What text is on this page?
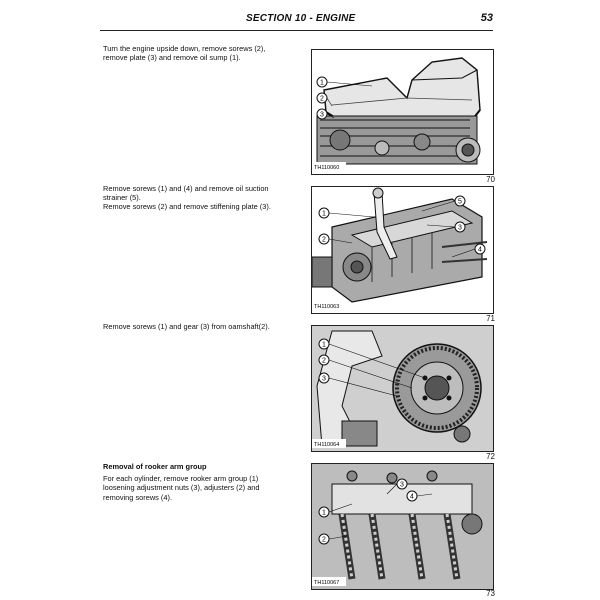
SECTION 10 - ENGINE	53

Turn the engine upside down, remove sorews (2),

remove plate (3) and remove oil sump (1).

1
2
3
TH110060
70

Remove sorews (1) and (4) and remove oil suction

strainer (5).

Remove sorews (2) and remove stiffening plate (3).

1
2
3
4
5
TH110063
71

Remove sorews (1) and gear (3) from oamshaft(2).

1
2
3
TH110064
72

Removal of rooker arm group

For each oylinder, remove rooker arm group (1)

loosening adjustment nuts (3), adjusters (2) and

removing sorews (4).

1
2
3
4
TH110067
73
